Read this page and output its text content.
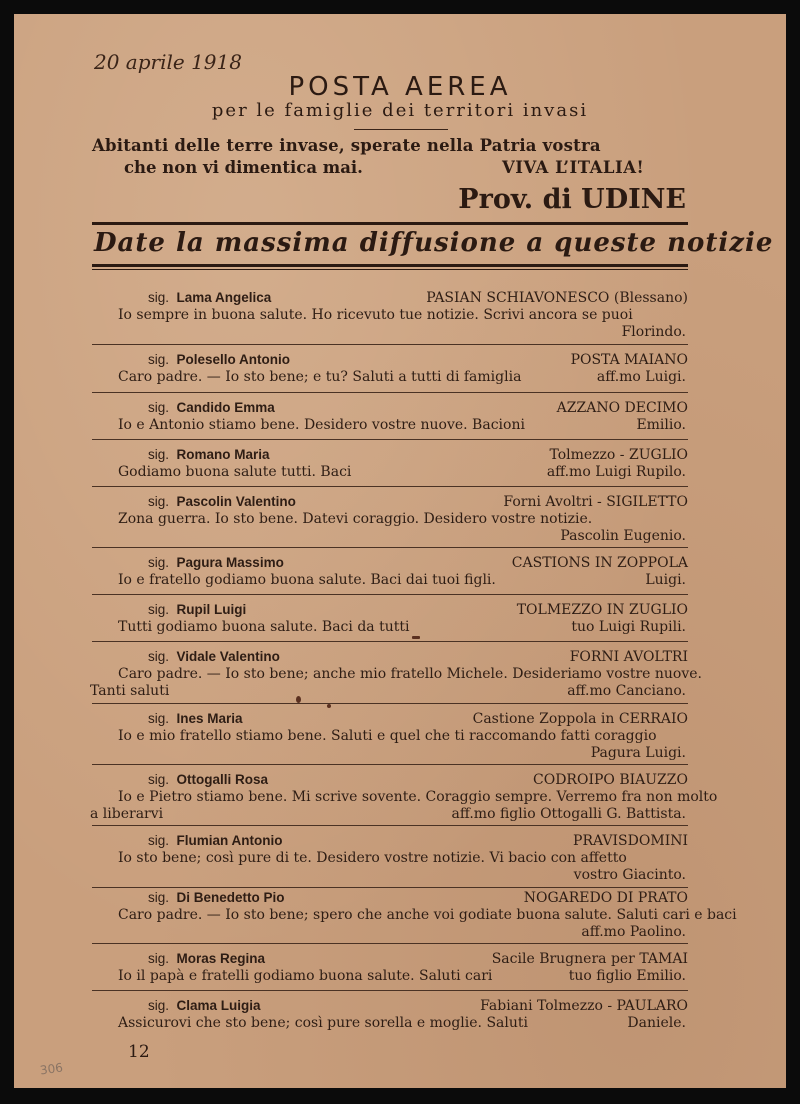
20 aprile 1918
POSTA AEREA
per le famiglie dei territori invasi
Abitanti delle terre invase, sperate nella Patria vostra
che non vi dimentica mai.	VIVA L’ITALIA!
Prov. di UDINE
Date la massima diffusione a queste notizie
sig. Lama Angelica	PASIAN SCHIAVONESCO (Blessano)
Io sempre in buona salute. Ho ricevuto tue notizie. Scrivi ancora se puoi
Florindo.
sig. Polesello Antonio	POSTA MAIANO
Caro padre. — Io sto bene; e tu? Saluti a tutti di famiglia	aff.mo Luigi.
sig. Candido Emma	AZZANO DECIMO
Io e Antonio stiamo bene. Desidero vostre nuove. Bacioni	Emilio.
sig. Romano Maria	Tolmezzo - ZUGLIO
Godiamo buona salute tutti. Baci	aff.mo Luigi Rupilo.
sig. Pascolin Valentino	Forni Avoltri - SIGILETTO
Zona guerra. Io sto bene. Datevi coraggio. Desidero vostre notizie.
Pascolin Eugenio.
sig. Pagura Massimo	CASTIONS IN ZOPPOLA
Io e fratello godiamo buona salute. Baci dai tuoi figli.	Luigi.
sig. Rupil Luigi	TOLMEZZO IN ZUGLIO
Tutti godiamo buona salute. Baci da tutti	tuo Luigi Rupili.
sig. Vidale Valentino	FORNI AVOLTRI
Caro padre. — Io sto bene; anche mio fratello Michele. Desideriamo vostre nuove.
Tanti saluti	aff.mo Canciano.
sig. Ines Maria	Castione Zoppola in CERRAIO
Io e mio fratello stiamo bene. Saluti e quel che ti raccomando fatti coraggio
Pagura Luigi.
sig. Ottogalli Rosa	CODROIPO BIAUZZO
Io e Pietro stiamo bene. Mi scrive sovente. Coraggio sempre. Verremo fra non molto
a liberarvi	aff.mo figlio Ottogalli G. Battista.
sig. Flumian Antonio	PRAVISDOMINI
Io sto bene; così pure di te. Desidero vostre notizie. Vi bacio con affetto
vostro Giacinto.
sig. Di Benedetto Pio	NOGAREDO DI PRATO
Caro padre. — Io sto bene; spero che anche voi godiate buona salute. Saluti cari e baci
aff.mo Paolino.
sig. Moras Regina	Sacile Brugnera per TAMAI
Io il papà e fratelli godiamo buona salute. Saluti cari	tuo figlio Emilio.
sig. Clama Luigia	Fabiani Tolmezzo - PAULARO
Assicurovi che sto bene; così pure sorella e moglie. Saluti	Daniele.
12
306
